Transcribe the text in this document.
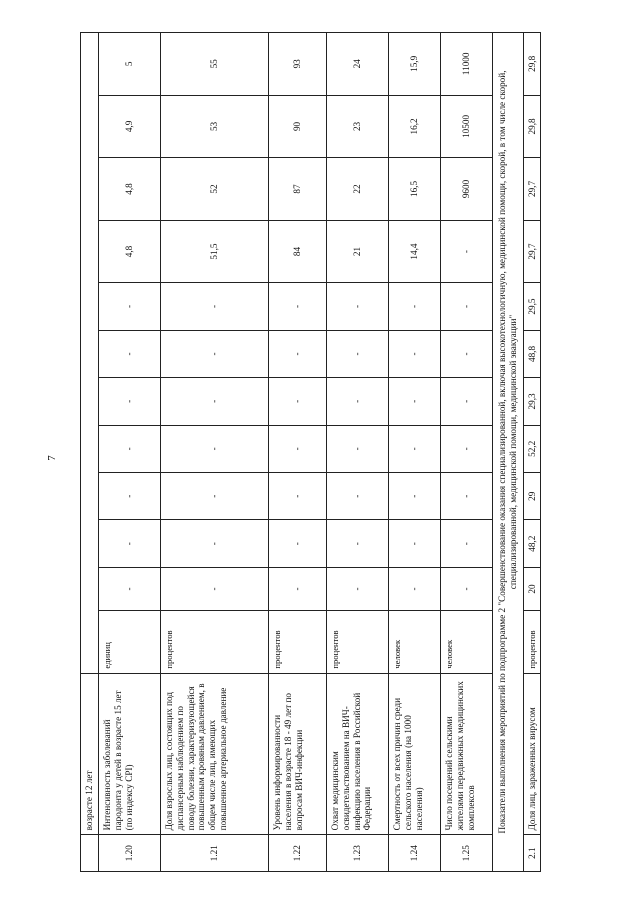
7
	возрасте 12 лет												
1.20	Интенсивность заболеваний пародонта у детей в возрасте 15 лет (по индексу CPI)	единиц	-	-	-	-	-	-	-	4,8	4,8	4,9	5
1.21	Доля взрослых лиц, состоящих под диспансерным наблюдением по поводу болезни, характеризующейся повышенным кровяным давлением, в общем числе лиц, имеющих повышенное артериальное давление	процентов	-	-	-	-	-	-	-	51,5	52	53	55
1.22	Уровень информированности населения в возрасте 18 - 49 лет по вопросам ВИЧ-инфекции	процентов	-	-	-	-	-	-	-	84	87	90	93
1.23	Охват медицинским освидетельствованием на ВИЧ-инфекцию населения в Российской Федерации	процентов	-	-	-	-	-	-	-	21	22	23	24
1.24	Смертность от всех причин среди сельского населения (на 1000 населения)	человек	-	-	-	-	-	-	-	14,4	16,5	16,2	15,9
1.25	Число посещений сельскими жителями передвижных медицинских комплексов	человек	-	-	-	-	-	-	-	-	9600	10500	11000
Показатели выполнения мероприятий по подпрограмме 2 "Совершенствование оказания специализированной, включая высокотехнологичную, медицинской помощи, скорой, в том числе скорой, специализированной, медицинской помощи, медицинской эвакуации"													
2.1	Доля лиц, зараженных вирусом	процентов	20	48,2	29	52,2	29,3	48,8	29,5	29,7	29,7	29,8	29,8
